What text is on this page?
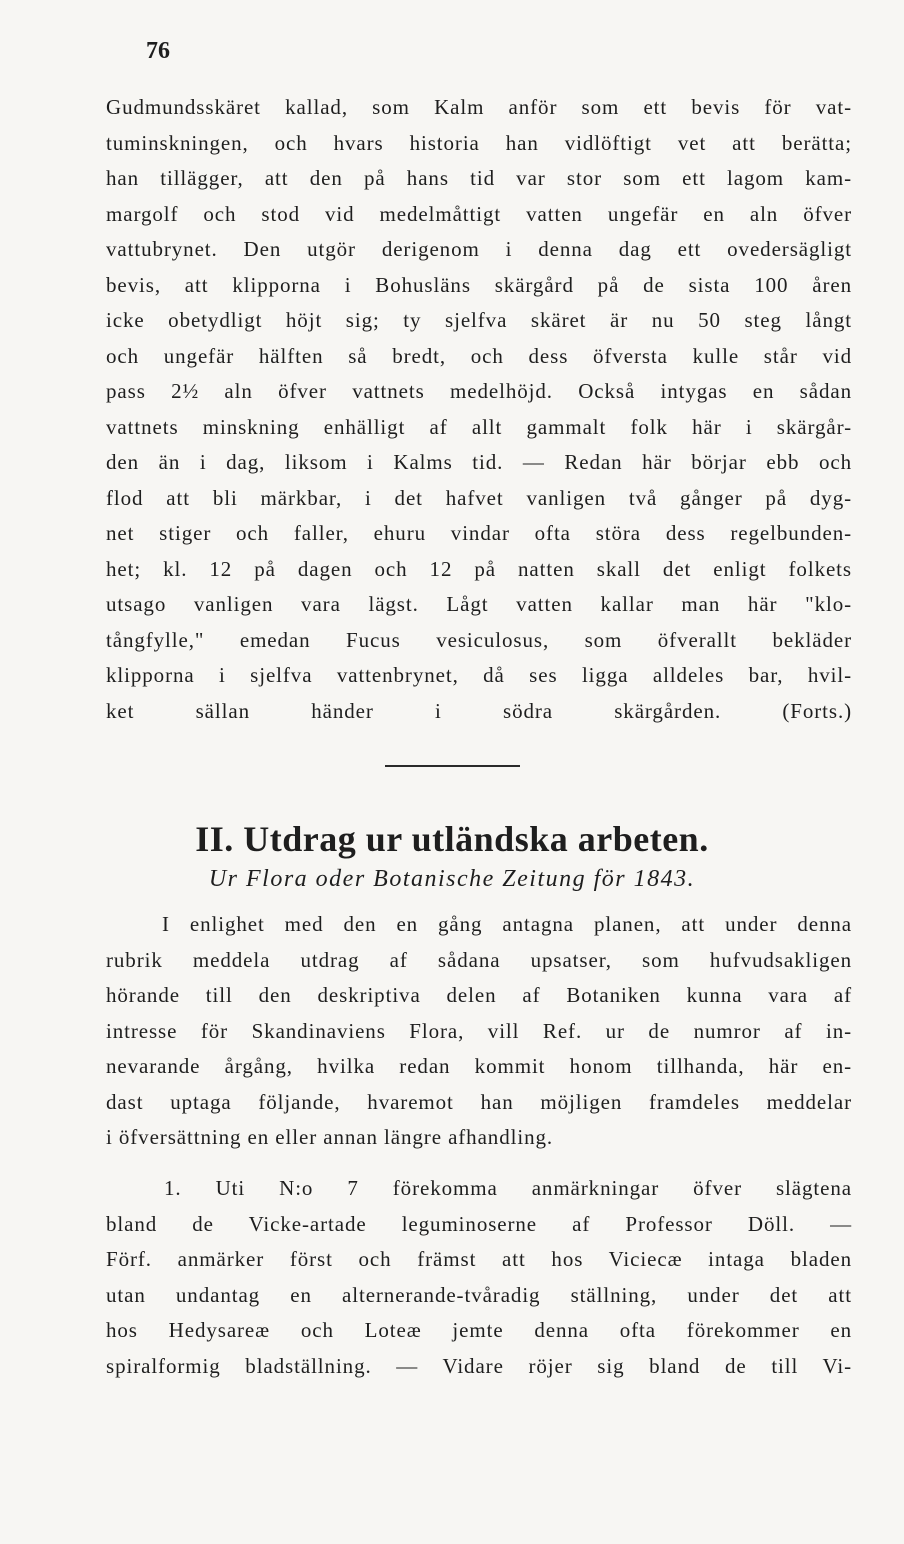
76
Gudmundsskäret kallad, som Kalm anför som ett bevis för vat-
tuminskningen, och hvars historia han vidlöftigt vet att berätta;
han tillägger, att den på hans tid var stor som ett lagom kam-
margolf och stod vid medelmåttigt vatten ungefär en aln öfver
vattubrynet. Den utgör derigenom i denna dag ett ovedersägligt
bevis, att klipporna i Bohusläns skärgård på de sista 100 åren
icke obetydligt höjt sig; ty sjelfva skäret är nu 50 steg långt
och ungefär hälften så bredt, och dess öfversta kulle står vid
pass 2½ aln öfver vattnets medelhöjd. Också intygas en sådan
vattnets minskning enhälligt af allt gammalt folk här i skärgår-
den än i dag, liksom i Kalms tid. — Redan här börjar ebb och
flod att bli märkbar, i det hafvet vanligen två gånger på dyg-
net stiger och faller, ehuru vindar ofta störa dess regelbunden-
het; kl. 12 på dagen och 12 på natten skall det enligt folkets
utsago vanligen vara lägst. Lågt vatten kallar man här "klo-
tångfylle," emedan Fucus vesiculosus, som öfverallt bekläder
klipporna i sjelfva vattenbrynet, då ses ligga alldeles bar, hvil-
ket sällan händer i södra skärgården.	(Forts.)
II. Utdrag ur utländska arbeten.
Ur Flora oder Botanische Zeitung för 1843.
I enlighet med den en gång antagna planen, att under denna
rubrik meddela utdrag af sådana upsatser, som hufvudsakligen
hörande till den deskriptiva delen af Botaniken kunna vara af
intresse för Skandinaviens Flora, vill Ref. ur de numror af in-
nevarande årgång, hvilka redan kommit honom tillhanda, här en-
dast uptaga följande, hvaremot han möjligen framdeles meddelar
i öfversättning en eller annan längre afhandling.
1. Uti N:o 7 förekomma anmärkningar öfver slägtena
bland de Vicke-artade leguminoserne af Professor Döll. —
Förf. anmärker först och främst att hos Viciecæ intaga bladen
utan undantag en alternerande-tvåradig ställning, under det att
hos Hedysareæ och Loteæ jemte denna ofta förekommer en
spiralformig bladställning. — Vidare röjer sig bland de till Vi-
